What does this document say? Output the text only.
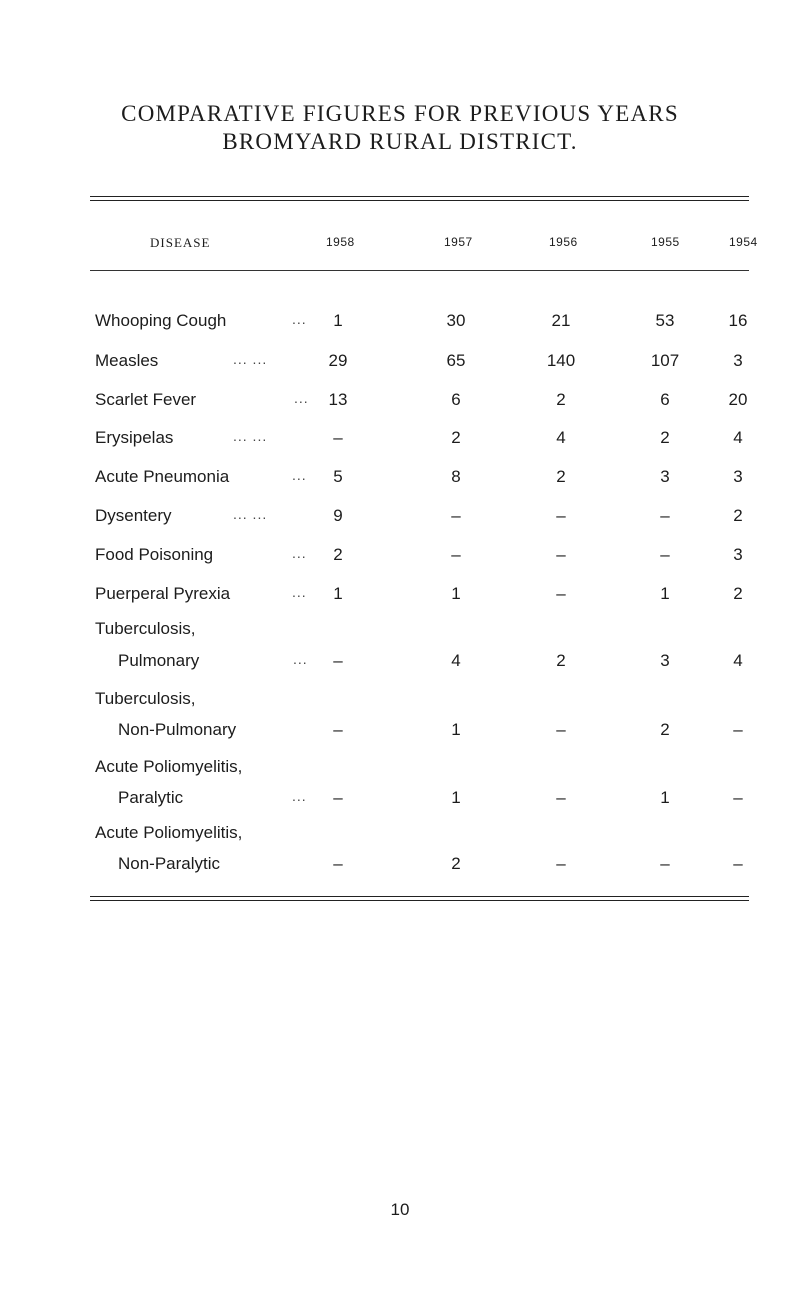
COMPARATIVE FIGURES FOR PREVIOUS YEARS
BROMYARD RURAL DISTRICT.
DISEASE	1958	1957	1956	1955	1954
Whooping Cough	...	1	30	21	53	16
Measles	... ...	29	65	140	107	3
Scarlet Fever	...	13	6	2	6	20
Erysipelas	... ...	–	2	4	2	4
Acute Pneumonia	...	5	8	2	3	3
Dysentery	... ...	9	–	–	–	2
Food Poisoning	...	2	–	–	–	3
Puerperal Pyrexia	...	1	1	–	1	2
Tuberculosis,
Pulmonary	...	–	4	2	3	4
Tuberculosis,
Non-Pulmonary	–	1	–	2	–
Acute Poliomyelitis,
Paralytic	...	–	1	–	1	–
Acute Poliomyelitis,
Non-Paralytic	–	2	–	–	–
10
